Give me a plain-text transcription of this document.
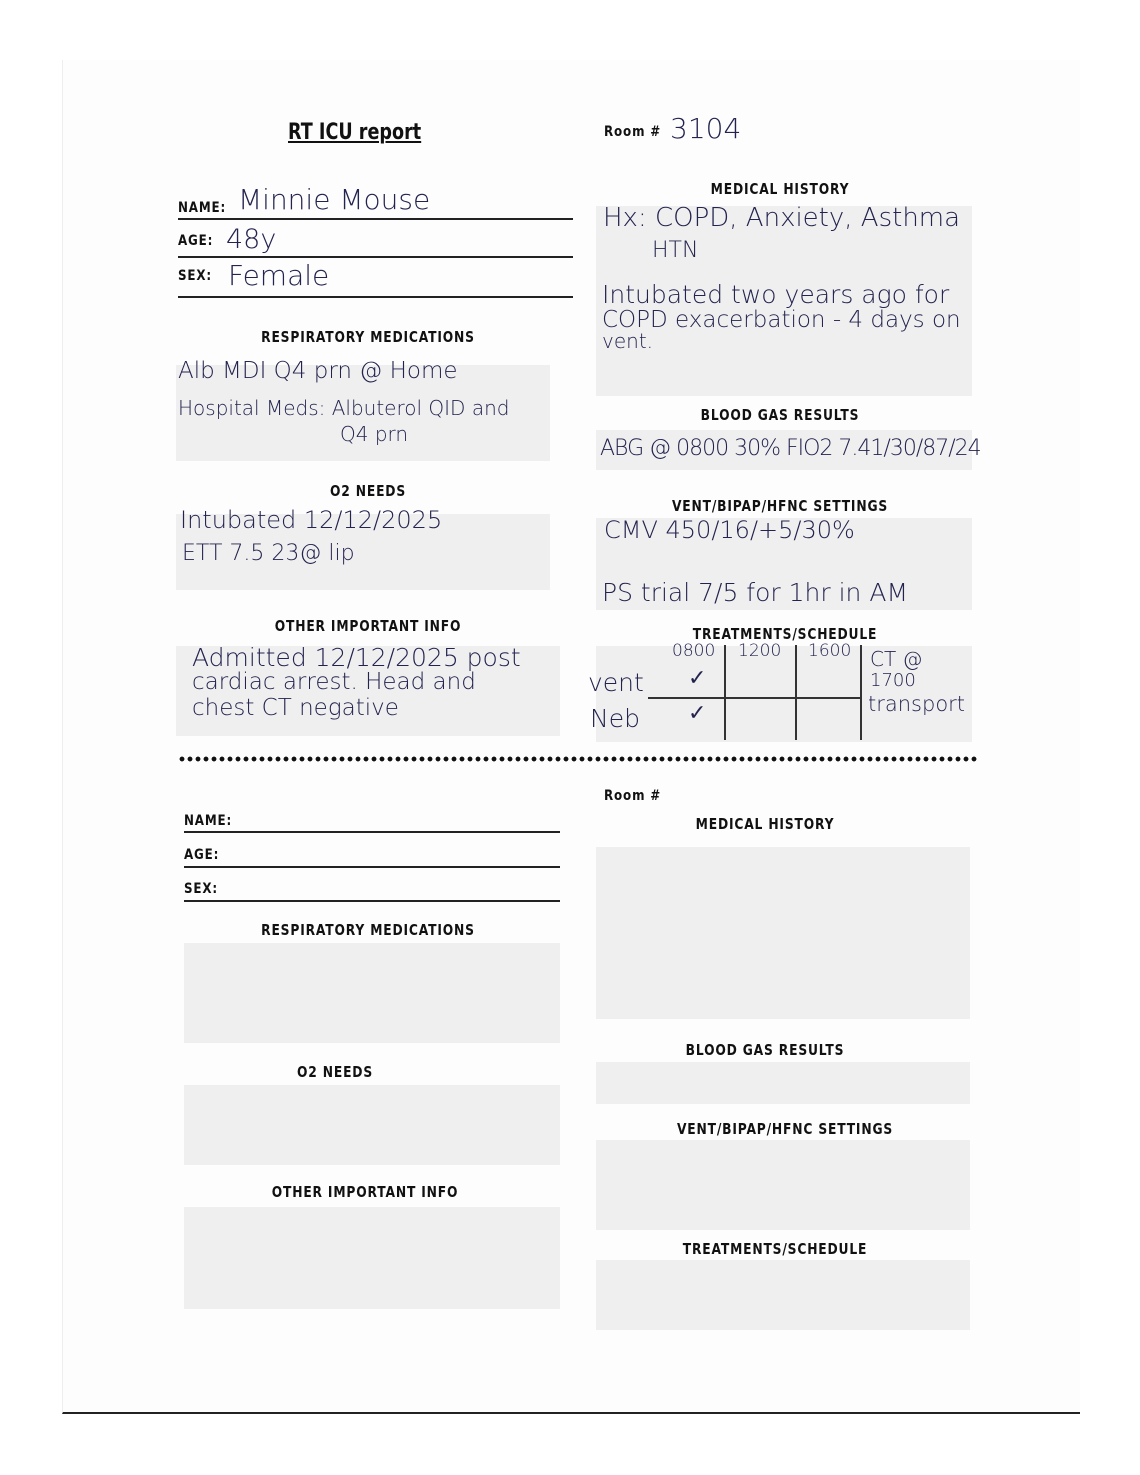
RT ICU report
NAME: Minnie Mouse
AGE: 48y
SEX: Female
RESPIRATORY MEDICATIONS
Alb MDI Q4 prn @ Home
Hospital Meds: Albuterol QID and
Q4 prn
O2 NEEDS
Intubated 12/12/2025
ETT 7.5 23@ lip
OTHER IMPORTANT INFO
Admitted 12/12/2025 post
cardiac arrest. Head and
chest CT negative
Room # 3104
MEDICAL HISTORY
Hx: COPD, Anxiety, Asthma
HTN
Intubated two years ago for
COPD exacerbation - 4 days on
vent.
BLOOD GAS RESULTS
ABG @ 0800 30% FIO2 7.41/30/87/24
VENT/BIPAP/HFNC SETTINGS
CMV 450/16/+5/30%
PS trial 7/5 for 1hr in AM
TREATMENTS/SCHEDULE
0800 1200 1600
vent ✓
Neb ✓
CT @
1700
transport
NAME:
AGE:
SEX:
RESPIRATORY MEDICATIONS
O2 NEEDS
OTHER IMPORTANT INFO
Room #
MEDICAL HISTORY
BLOOD GAS RESULTS
VENT/BIPAP/HFNC SETTINGS
TREATMENTS/SCHEDULE
